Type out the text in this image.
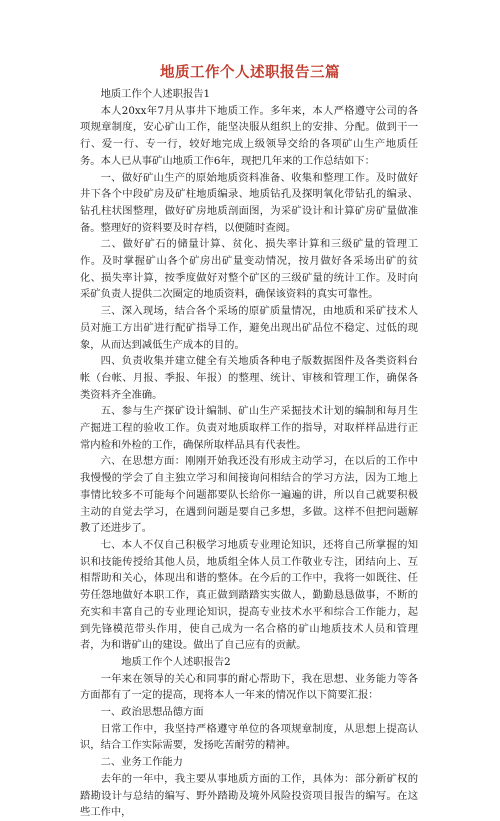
地质工作个人述职报告三篇

地质工作个人述职报告1

本人20xx年7月从事井下地质工作。多年来，本人严格遵守公司的各项规章制度，安心矿山工作，能坚决服从组织上的安排、分配。做到干一行、爱一行、专一行，较好地完成上级领导交给的各项矿山生产地质任务。本人已从事矿山地质工作6年，现把几年来的工作总结如下：

一、做好矿山生产的原始地质资料准备、收集和整理工作。及时做好井下各个中段矿房及矿柱地质编录、地质钻孔及探明氧化带钻孔的编录、钻孔柱状图整理，做好矿房地质剖面图，为采矿设计和计算矿房矿量做准备。整理好的资料要及时存档，以便随时查阅。

二、做好矿石的储量计算、贫化、损失率计算和三级矿量的管理工作。及时掌握矿山各个矿房出矿量变动情况，按月做好各采场出矿的贫化、损失率计算，按季度做好对整个矿区的三级矿量的统计工作。及时向采矿负责人提供二次圈定的地质资料，确保该资料的真实可靠性。

三、深入现场，结合各个采场的原矿质量情况，由地质和采矿技术人员对施工方出矿进行配矿指导工作，避免出现出矿品位不稳定、过低的现象，从而达到减低生产成本的目的。

四、负责收集并建立健全有关地质各种电子版数据图件及各类资料台帐（台帐、月报、季报、年报）的整理、统计、审核和管理工作，确保各类资料齐全准确。

五、参与生产探矿设计编制、矿山生产采掘技术计划的编制和每月生产掘进工程的验收工作。负责对地质取样工作的指导，对取样样品进行正常内检和外检的工作，确保所取样品具有代表性。

六、在思想方面：刚刚开始我还没有形成主动学习，在以后的工作中我慢慢的学会了自主独立学习和间接询问相结合的学习方法，因为工地上事情比较多不可能每个问题都要队长给你一遍遍的讲，所以自己就要积极主动的自觉去学习，在遇到问题是要自己多想，多做。这样不但把问题解教了还进步了。

七、本人不仅自己积极学习地质专业理论知识，还将自己所掌握的知识和技能传授给其他人员，地质组全体人员工作敬业专注，团结向上、互相帮助和关心，体现出和谐的整体。在今后的工作中，我将一如既往、任劳任怨地做好本职工作，真正做到踏踏实实做人，勤勤恳恳做事，不断的充实和丰富自己的专业理论知识，提高专业技术水平和综合工作能力，起到先锋模范带头作用，使自己成为一名合格的矿山地质技术人员和管理者，为和谐矿山的建设。做出了自己应有的贡献。

地质工作个人述职报告2

一年来在领导的关心和同事的耐心帮助下，我在思想、业务能力等各方面都有了一定的提高，现将本人一年来的情况作以下简要汇报：

一、政治思想品德方面

日常工作中，我坚持严格遵守单位的各项规章制度，从思想上提高认识，结合工作实际需要，发扬吃苦耐劳的精神。

二、业务工作能力

去年的一年中，我主要从事地质方面的工作，具体为：部分新矿权的踏勘设计与总结的编写、野外踏勘及境外风险投资项目报告的编写。在这些工作中，
